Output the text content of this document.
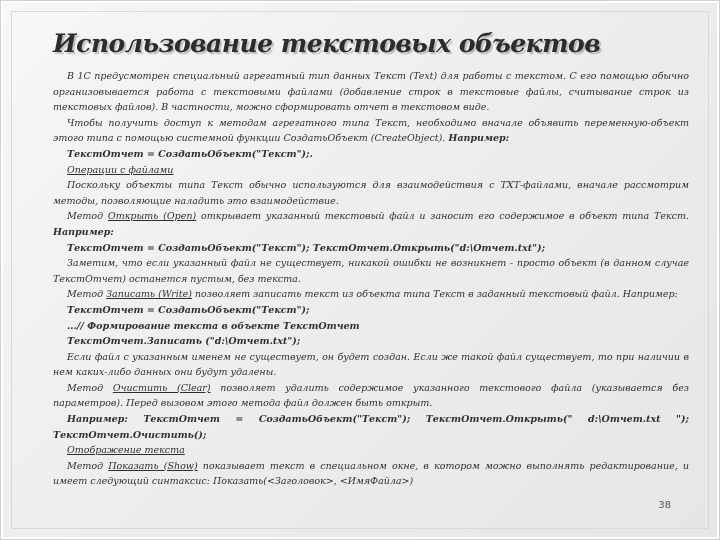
Использование текстовых объектов

В 1С предусмотрен специальный агрегатный тип данных Текст (Text) для работы с текстом. С его помощью обычно организовывается работа с текстовыми файлами (добавление строк в текстовые файлы, считывание строк из текстовых файлов). В частности, можно сформировать отчет в текстовом виде.

Чтобы получить доступ к методам агрегатного типа Текст, необходимо вначале объявить переменную-объект этого типа с помощью системной функции СоздатьОбъект (CreateObject). Например:

ТекстОтчет = СоздатьОбъект("Текст");.

Операции с файлами

Поскольку объекты типа Текст обычно используются для взаимодействия с ТХТ-файлами, вначале рассмотрим методы, позволяющие наладить это взаимодействие.

Метод Открыть (Open) открывает указанный текстовый файл и заносит его содержимое в объект типа Текст. Например:

ТекстОтчет = СоздатьОбъект("Текст"); ТекстОтчет.Открыть("d:\Отчет.txt");

Заметим, что если указанный файл не существует, никакой ошибки не возникнет - просто объект (в данном случае ТекстОтчет) останется пустым, без текста.

Метод Записать (Write) позволяет записать текст из объекта типа Текст в заданный текстовый файл. Например:

ТекстОтчет = СоздатьОбъект("Текст");

...// Формирование текста в объекте ТекстОтчет

ТекстОтчет.Записать ("d:\Отчет.txt");

Если файл с указанным именем не существует, он будет создан. Если же такой файл существует, то при наличии в нем каких-либо данных они будут удалены.

Метод Очистить (Clear) позволяет удалить содержимое указанного текстового файла (указывается без параметров). Перед вызовом этого метода файл должен быть открыт.

Например:	ТекстОтчет	=	СоздатьОбъект("Текст");	ТекстОтчет.Открыть("	d:\Отчет.txt	");

ТекстОтчет.Очистить();

Отображение текста

Метод Показать (Show) показывает текст в специальном окне, в котором можно выполнять редактирование, и имеет следующий синтаксис: Показать(<Заголовок>, <ИмяФайла>)

38
